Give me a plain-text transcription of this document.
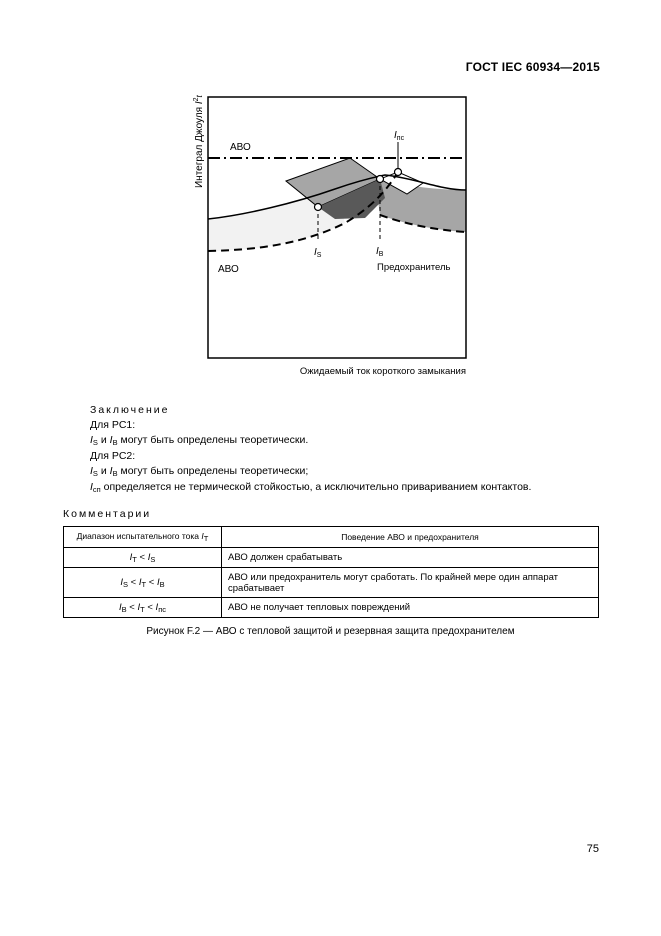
ГОСТ IEC 60934—2015
Интеграл Джоуля $I^2_t$
АВО
АВО
$I_{пс}$
$I_S$	$I_B$
Предохранитель
Ожидаемый ток короткого замыкания
Заключение
Для PC1:
$I_S$ и $I_B$ могут быть определены теоретически.
Для PC2:
$I_S$ и $I_B$ могут быть определены теоретически;
$I_{сп}$ определяется не термической стойкостью, а исключительно привариванием контактов.
Комментарии
Диапазон испытательного тока $I_T$	Поведение АВО и предохранителя
$I_T < I_S$	АВО должен срабатывать
$I_S < I_T < I_B$	АВО или предохранитель могут сработать. По крайней мере один аппарат срабатывает
$I_B < I_T < I_{пс}$	АВО не получает тепловых повреждений
Рисунок F.2 — АВО с тепловой защитой и резервная защита предохранителем
75
